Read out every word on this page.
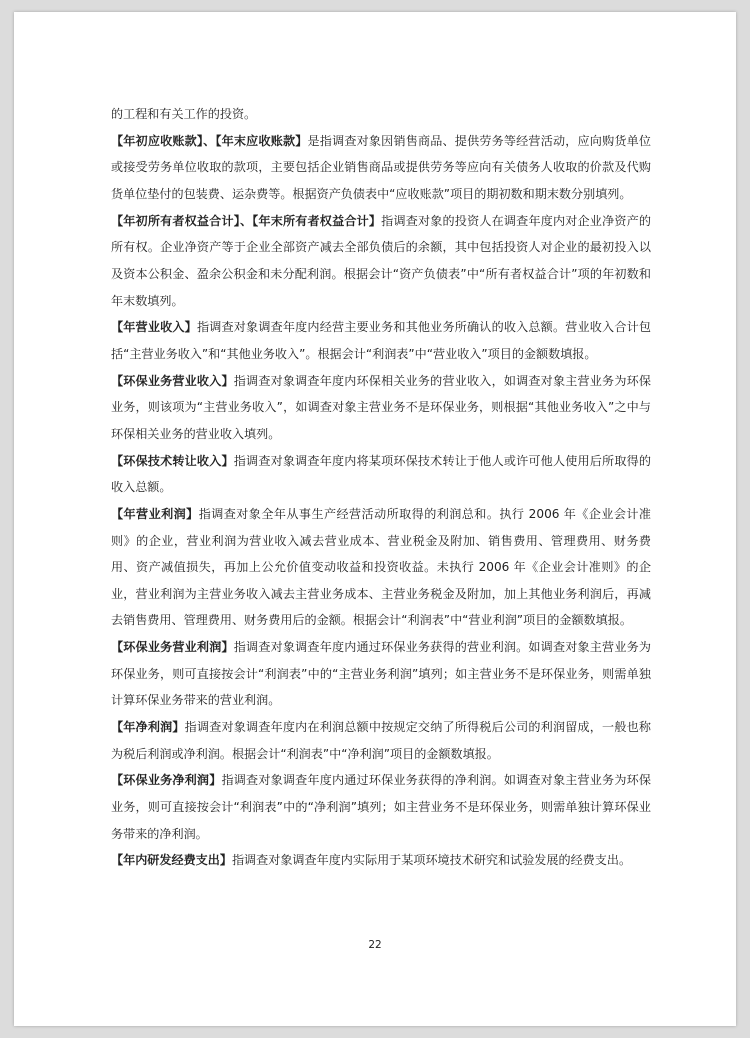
的工程和有关工作的投资。

【年初应收账款】、【年末应收账款】是指调查对象因销售商品、提供劳务等经营活动，应向购货单位或接受劳务单位收取的款项，主要包括企业销售商品或提供劳务等应向有关债务人收取的价款及代购货单位垫付的包装费、运杂费等。根据资产负债表中“应收账款”项目的期初数和期末数分别填列。

【年初所有者权益合计】、【年末所有者权益合计】指调查对象的投资人在调查年度内对企业净资产的所有权。企业净资产等于企业全部资产减去全部负债后的余额，其中包括投资人对企业的最初投入以及资本公积金、盈余公积金和未分配利润。根据会计“资产负债表”中“所有者权益合计”项的年初数和年末数填列。

【年营业收入】指调查对象调查年度内经营主要业务和其他业务所确认的收入总额。营业收入合计包括“主营业务收入”和“其他业务收入”。根据会计“利润表”中“营业收入”项目的金额数填报。

【环保业务营业收入】指调查对象调查年度内环保相关业务的营业收入，如调查对象主营业务为环保业务，则该项为“主营业务收入”，如调查对象主营业务不是环保业务，则根据“其他业务收入”之中与环保相关业务的营业收入填列。

【环保技术转让收入】指调查对象调查年度内将某项环保技术转让于他人或许可他人使用后所取得的收入总额。

【年营业利润】指调查对象全年从事生产经营活动所取得的利润总和。执行 2006 年《企业会计准则》的企业，营业利润为营业收入减去营业成本、营业税金及附加、销售费用、管理费用、财务费用、资产减值损失，再加上公允价值变动收益和投资收益。未执行 2006 年《企业会计准则》的企业，营业利润为主营业务收入减去主营业务成本、主营业务税金及附加，加上其他业务利润后，再减去销售费用、管理费用、财务费用后的金额。根据会计“利润表”中“营业利润”项目的金额数填报。

【环保业务营业利润】指调查对象调查年度内通过环保业务获得的营业利润。如调查对象主营业务为环保业务，则可直接按会计“利润表”中的“主营业务利润”填列；如主营业务不是环保业务，则需单独计算环保业务带来的营业利润。

【年净利润】指调查对象调查年度内在利润总额中按规定交纳了所得税后公司的利润留成，一般也称为税后利润或净利润。根据会计“利润表”中“净利润”项目的金额数填报。

【环保业务净利润】指调查对象调查年度内通过环保业务获得的净利润。如调查对象主营业务为环保业务，则可直接按会计“利润表”中的“净利润”填列；如主营业务不是环保业务，则需单独计算环保业务带来的净利润。

【年内研发经费支出】指调查对象调查年度内实际用于某项环境技术研究和试验发展的经费支出。

22
